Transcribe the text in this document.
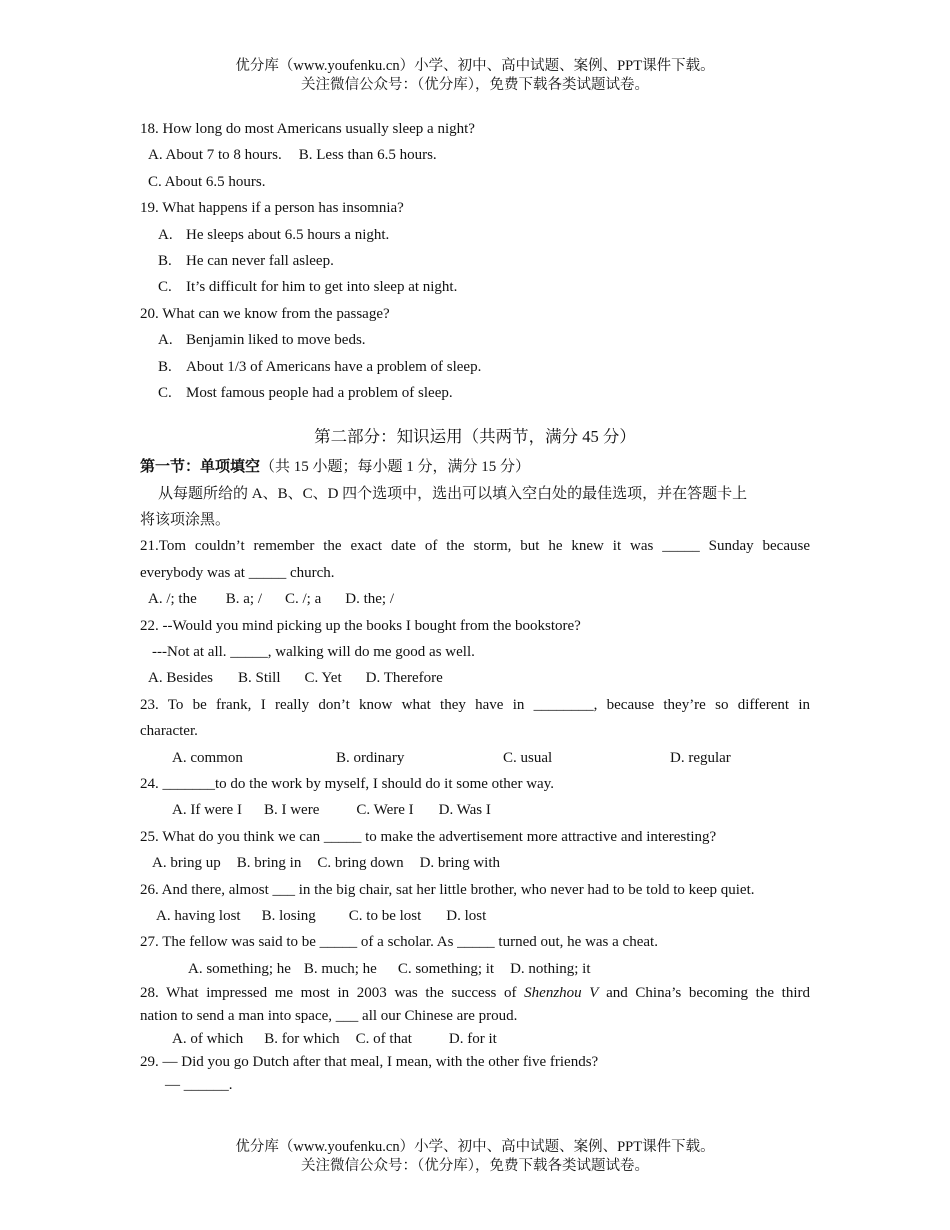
优分库（www.youfenku.cn）小学、初中、高中试题、案例、PPT课件下载。
关注微信公众号：（优分库），免费下载各类试题试卷。
18. How long do most Americans usually sleep a night?
A. About 7 to 8 hours. B. Less than 6.5 hours.
C. About 6.5 hours.
19. What happens if a person has insomnia?
A. He sleeps about 6.5 hours a night.
B. He can never fall asleep.
C. It’s difficult for him to get into sleep at night.
20. What can we know from the passage?
A. Benjamin liked to move beds.
B. About 1/3 of Americans have a problem of sleep.
C. Most famous people had a problem of sleep.
第二部分：知识运用（共两节，满分 45 分）
第一节：单项填空（共 15 小题；每小题 1 分，满分 15 分）
从每题所给的 A、B、C、D 四个选项中，选出可以填入空白处的最佳选项，并在答题卡上
将该项涂黑。
21.Tom couldn’t remember the exact date of the storm, but he knew it was _____ Sunday because
everybody was at _____ church.
A. /; the B. a; / C. /; a D. the; /
22. --Would you mind picking up the books I bought from the bookstore?
---Not at all. _____, walking will do me good as well.
A. Besides B. Still C. Yet D. Therefore
23. To be frank, I really don’t know what they have in ________, because they’re so different in
character.
A. common	B. ordinary	C. usual	D. regular
24. _______to do the work by myself, I should do it some other way.
A. If were I B. I were C. Were I D. Was I
25. What do you think we can _____ to make the advertisement more attractive and interesting?
A. bring up B. bring in C. bring down D. bring with
26. And there, almost ___ in the big chair, sat her little brother, who never had to be told to keep quiet.
A. having lost B. losing C. to be lost D. lost
27. The fellow was said to be _____ of a scholar. As _____ turned out, he was a cheat.
A. something; he B. much; he C. something; it D. nothing; it
28. What impressed me most in 2003 was the success of Shenzhou V and China’s becoming the third
nation to send a man into space, ___ all our Chinese are proud.
A. of which B. for which C. of that D. for it
29. — Did you go Dutch after that meal, I mean, with the other five friends?
— ______.
优分库（www.youfenku.cn）小学、初中、高中试题、案例、PPT课件下载。
关注微信公众号：（优分库），免费下载各类试题试卷。
